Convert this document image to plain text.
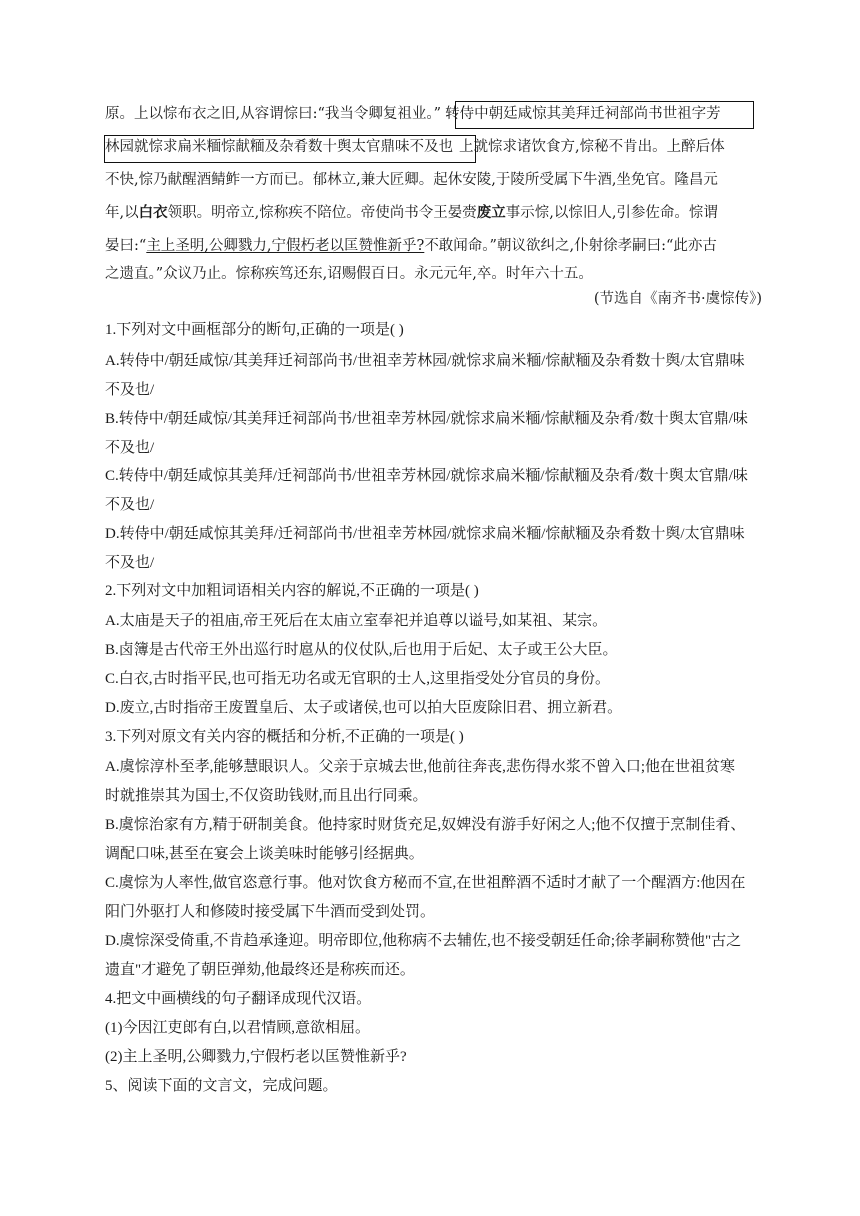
原。上以悰布衣之旧,从容谓悰曰:“我当令卿复祖业。” 转侍中朝廷咸惊其美拜迁祠部尚书世祖字芳
林园就悰求扁米糆悰献糆及杂肴数十舆太官鼎味不及也 上就悰求诸饮食方,悰秘不肯出。上醉后体
不快,悰乃献醒酒鲭鲊一方而已。郁林立,兼大匠卿。起休安陵,于陵所受属下牛酒,坐免官。隆昌元
年,以白衣领职。明帝立,悰称疾不陪位。帝使尚书令王晏赍废立事示悰,以悰旧人,引参佐命。悰谓
晏曰:“主上圣明,公卿戮力,宁假朽老以匡赞惟新乎?不敢闻命。”朝议欲纠之,仆射徐孝嗣曰:“此亦古
之遗直。”众议乃止。悰称疾笃还东,诏赐假百日。永元元年,卒。时年六十五。
(节选自《南齐书·虞悰传》)
1.下列对文中画框部分的断句,正确的一项是( )
A.转侍中/朝廷咸惊/其美拜迁祠部尚书/世祖幸芳林园/就悰求扁米糆/悰献糆及杂肴数十舆/太官鼎味
不及也/
B.转侍中/朝廷咸惊/其美拜迁祠部尚书/世祖幸芳林园/就悰求扁米糆/悰献糆及杂肴/数十舆太官鼎/味
不及也/
C.转侍中/朝廷咸惊其美拜/迁祠部尚书/世祖幸芳林园/就悰求扁米糆/悰献糆及杂肴/数十舆太官鼎/味
不及也/
D.转侍中/朝廷咸惊其美拜/迁祠部尚书/世祖幸芳林园/就悰求扁米糆/悰献糆及杂肴数十舆/太官鼎味
不及也/
2.下列对文中加粗词语相关内容的解说,不正确的一项是( )
A.太庙是天子的祖庙,帝王死后在太庙立室奉祀并追尊以谥号,如某祖、某宗。
B.卤簿是古代帝王外出巡行时扈从的仪仗队,后也用于后妃、太子或王公大臣。
C.白衣,古时指平民,也可指无功名或无官职的士人,这里指受处分官员的身份。
D.废立,古时指帝王废置皇后、太子或诸侯,也可以拍大臣废除旧君、拥立新君。
3.下列对原文有关内容的概括和分析,不正确的一项是( )
A.虞悰淳朴至孝,能够慧眼识人。父亲于京城去世,他前往奔丧,悲伤得水浆不曾入口;他在世祖贫寒
时就推崇其为国士,不仅资助钱财,而且出行同乘。
B.虞悰治家有方,精于研制美食。他持家时财货充足,奴婢没有游手好闲之人;他不仅擅于烹制佳肴、
调配口味,甚至在宴会上谈美味时能够引经据典。
C.虞悰为人率性,做官恣意行事。他对饮食方秘而不宣,在世祖醉酒不适时才献了一个醒酒方:他因在
阳门外驱打人和修陵时接受属下牛酒而受到处罚。
D.虞悰深受倚重,不肯趋承逢迎。明帝即位,他称病不去辅佐,也不接受朝廷任命;徐孝嗣称赞他"古之
遗直"才避免了朝臣弹劾,他最终还是称疾而还。
4.把文中画横线的句子翻译成现代汉语。
(1)今因江吏郎有白,以君情顾,意欲相屈。
(2)主上圣明,公卿戮力,宁假朽老以匡赞惟新乎?
5、阅读下面的文言文，完成问题。
